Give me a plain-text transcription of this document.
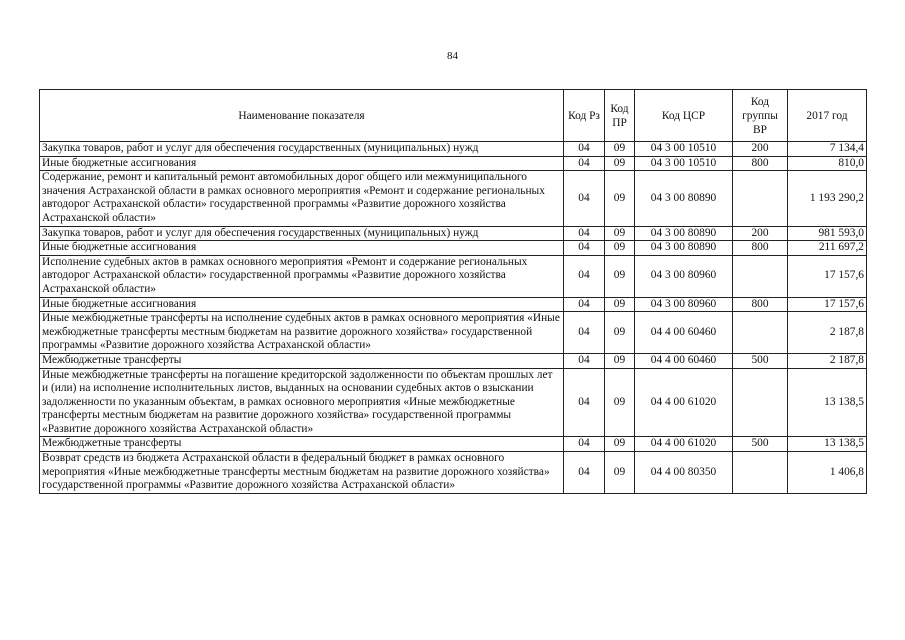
84
Наименование показателя	Код Рз	Код ПР	Код ЦСР	Код группы ВР	2017 год
Закупка товаров, работ и услуг для обеспечения государственных (муниципальных) нужд	04	09	04 3 00 10510	200	7 134,4
Иные бюджетные ассигнования	04	09	04 3 00 10510	800	810,0
Содержание, ремонт и капитальный ремонт автомобильных дорог общего или межмуниципального значения Астраханской области в рамках основного мероприятия «Ремонт и содержание региональных автодорог Астраханской области» государственной программы «Развитие дорожного хозяйства Астраханской области»	04	09	04 3 00 80890		1 193 290,2
Закупка товаров, работ и услуг для обеспечения государственных (муниципальных) нужд	04	09	04 3 00 80890	200	981 593,0
Иные бюджетные ассигнования	04	09	04 3 00 80890	800	211 697,2
Исполнение судебных актов в рамках основного мероприятия «Ремонт и содержание региональных автодорог Астраханской области» государственной программы «Развитие дорожного хозяйства Астраханской области»	04	09	04 3 00 80960		17 157,6
Иные бюджетные ассигнования	04	09	04 3 00 80960	800	17 157,6
Иные межбюджетные трансферты на исполнение судебных актов в рамках основного мероприятия «Иные межбюджетные трансферты местным бюджетам на развитие дорожного хозяйства» государственной программы «Развитие дорожного хозяйства Астраханской области»	04	09	04 4 00 60460		2 187,8
Межбюджетные трансферты	04	09	04 4 00 60460	500	2 187,8
Иные межбюджетные трансферты на погашение кредиторской задолженности по объектам прошлых лет и (или) на исполнение исполнительных листов, выданных на основании судебных актов о взыскании задолженности по указанным объектам, в рамках основного мероприятия «Иные межбюджетные трансферты местным бюджетам на развитие дорожного хозяйства» государственной программы «Развитие дорожного хозяйства Астраханской области»	04	09	04 4 00 61020		13 138,5
Межбюджетные трансферты	04	09	04 4 00 61020	500	13 138,5
Возврат средств из бюджета Астраханской области в федеральный бюджет в рамках основного мероприятия «Иные межбюджетные трансферты местным бюджетам на развитие дорожного хозяйства» государственной программы «Развитие дорожного хозяйства Астраханской области»	04	09	04 4 00 80350		1 406,8
